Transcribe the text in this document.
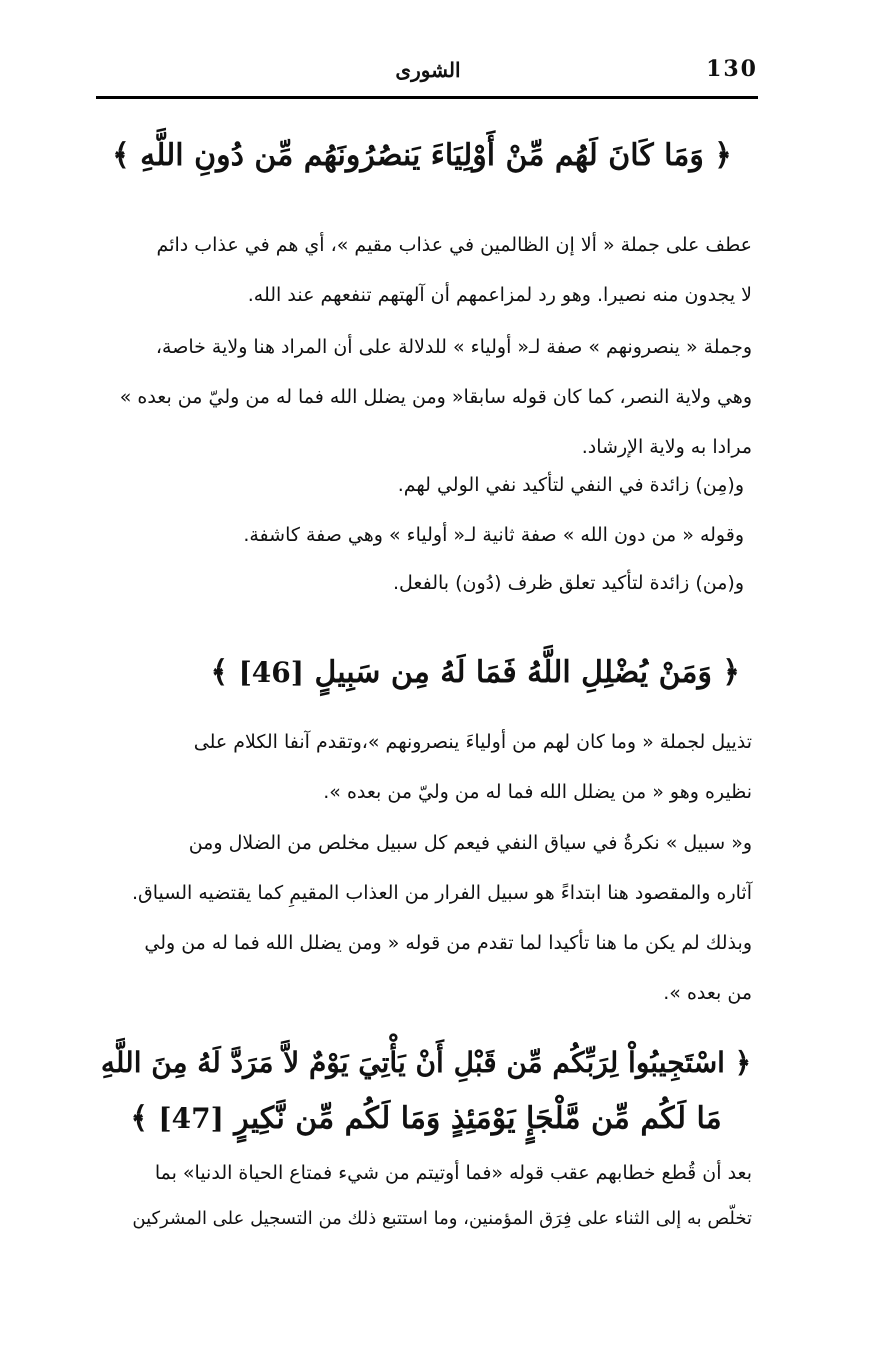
130
الشورى
﴿ وَمَا كَانَ لَهُم مِّنْ أَوْلِيَاءَ يَنصُرُونَهُم مِّن دُونِ اللَّهِ ﴾
عطف على جملة « ألا إن الظالمين في عذاب مقيم »، أي هم في عذاب دائم
لا يجدون منه نصيرا. وهو رد لمزاعمهم أن آلهتهم تنفعهم عند الله.
وجملة « ينصرونهم » صفة لـ« أولياء » للدلالة على أن المراد هنا ولاية خاصة،
وهي ولاية النصر، كما كان قوله سابقا« ومن يضلل الله فما له من وليّ من بعده »
مرادا به ولاية الإرشاد.
و(مِن) زائدة في النفي لتأكيد نفي الولي لهم.
وقوله « من دون الله » صفة ثانية لـ« أولياء » وهي صفة كاشفة.
و(من) زائدة لتأكيد تعلق ظرف (دُون) بالفعل.
﴿ وَمَنْ يُضْلِلِ اللَّهُ فَمَا لَهُ مِن سَبِيلٍ [46] ﴾
تذييل لجملة « وما كان لهم من أولياءَ ينصرونهم »،وتقدم آنفا الكلام على
نظيره وهو « من يضلل الله فما له من وليّ من بعده ».
و« سبيل » نكرةُ في سياق النفي فيعم كل سبيل مخلص من الضلال ومن
آثاره والمقصود هنا ابتداءً هو سبيل الفرار من العذاب المقيمِ كما يقتضيه السياق.
وبذلك لم يكن ما هنا تأكيدا لما تقدم من قوله « ومن يضلل الله فما له من ولي
من بعده ».
﴿ اسْتَجِيبُواْ لِرَبِّكُم مِّن قَبْلِ أَنْ يَأْتِيَ يَوْمٌ لاَّ مَرَدَّ لَهُ مِنَ اللَّهِ
مَا لَكُم مِّن مَّلْجَإٍ يَوْمَئِذٍ وَمَا لَكُم مِّن نَّكِيرٍ [47] ﴾
بعد أن قُطع خطابهم عقب قوله «فما أوتيتم من شيء فمتاع الحياة الدنيا» بما
تخلّص به إلى الثناء على فِرَق المؤمنين، وما استتبع ذلك من التسجيل على المشركين
